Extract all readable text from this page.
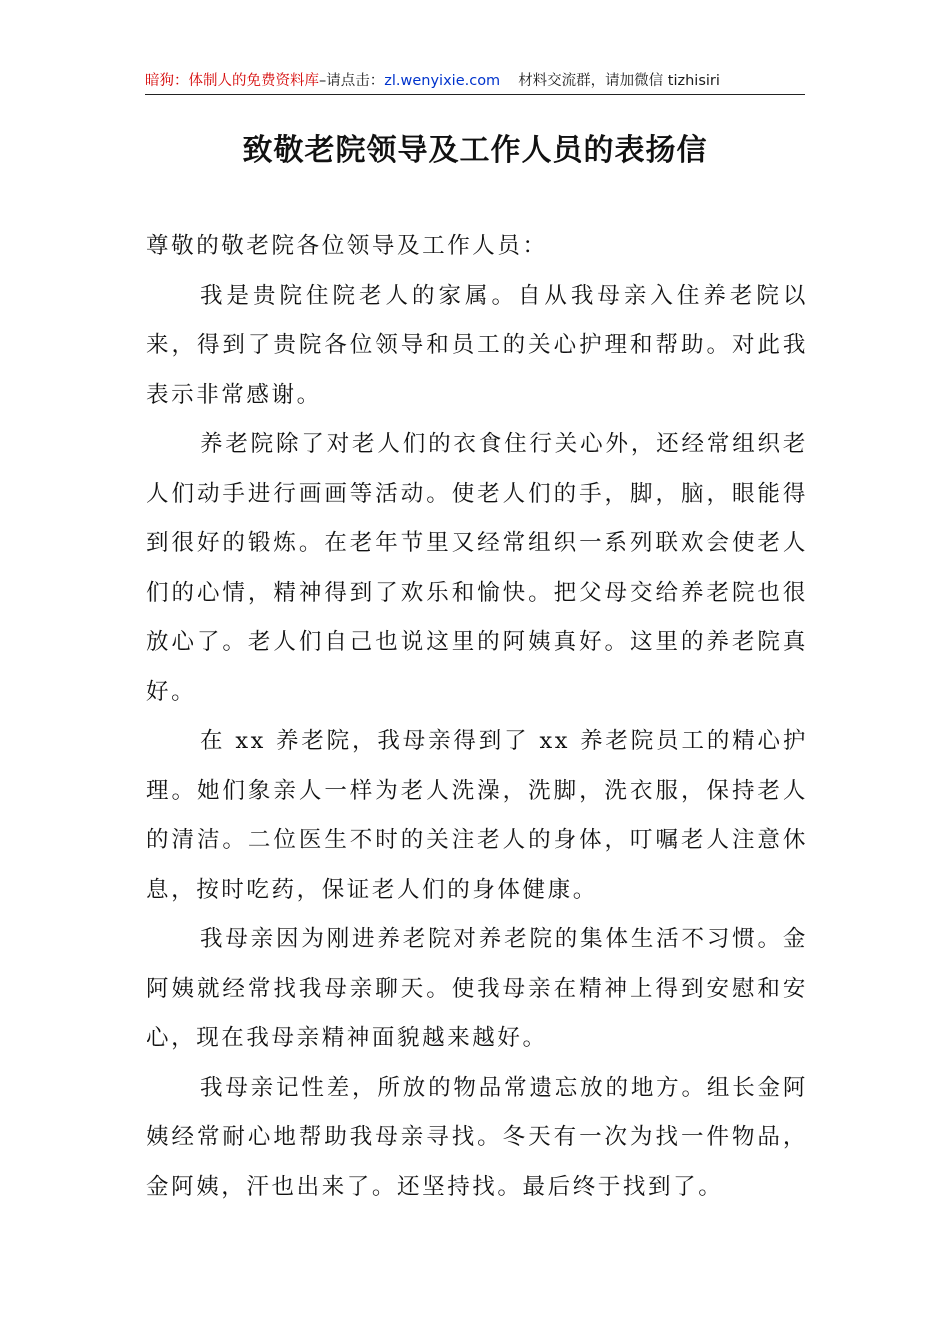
暗狗：体制人的免费资料库–请点击：zl.wenyixie.com 材料交流群，请加微信 tizhisiri
致敬老院领导及工作人员的表扬信

尊敬的敬老院各位领导及工作人员：

我是贵院住院老人的家属。自从我母亲入住养老院以来，得到了贵院各位领导和员工的关心护理和帮助。对此我表示非常感谢。

养老院除了对老人们的衣食住行关心外，还经常组织老人们动手进行画画等活动。使老人们的手，脚，脑，眼能得到很好的锻炼。在老年节里又经常组织一系列联欢会使老人们的心情，精神得到了欢乐和愉快。把父母交给养老院也很放心了。老人们自己也说这里的阿姨真好。这里的养老院真好。

在 xx 养老院，我母亲得到了 xx 养老院员工的精心护理。她们象亲人一样为老人洗澡，洗脚，洗衣服，保持老人的清洁。二位医生不时的关注老人的身体，叮嘱老人注意休息，按时吃药，保证老人们的身体健康。

我母亲因为刚进养老院对养老院的集体生活不习惯。金阿姨就经常找我母亲聊天。使我母亲在精神上得到安慰和安心，现在我母亲精神面貌越来越好。

我母亲记性差，所放的物品常遗忘放的地方。组长金阿姨经常耐心地帮助我母亲寻找。冬天有一次为找一件物品，金阿姨，汗也出来了。还坚持找。最后终于找到了。
